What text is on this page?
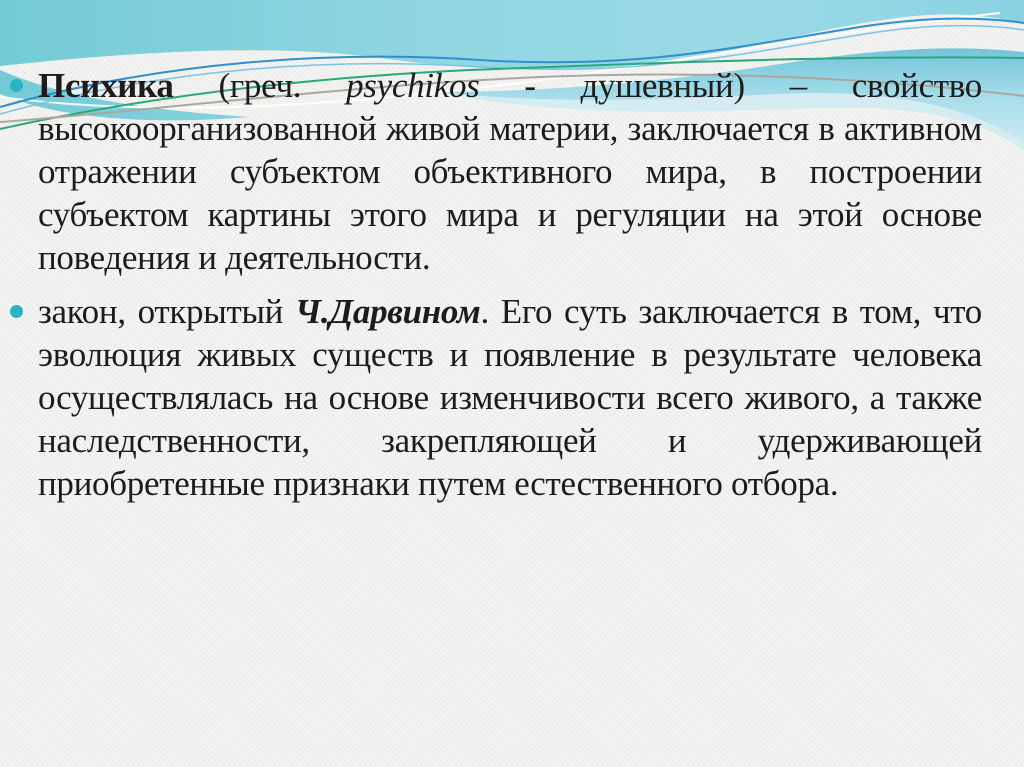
Психика (греч. psychikos - душевный) – свойство высокоорганизованной живой материи, заключается в активном отражении субъектом объективного мира, в построении субъектом картины этого мира и регуляции на этой основе поведения и деятельности.

закон, открытый Ч.Дарвином. Его суть заключается в том, что эволюция живых существ и появление в результате человека осуществлялась на основе изменчивости всего живого, а также наследственности, закрепляющей и удерживающей приобретенные признаки путем естественного отбора.
